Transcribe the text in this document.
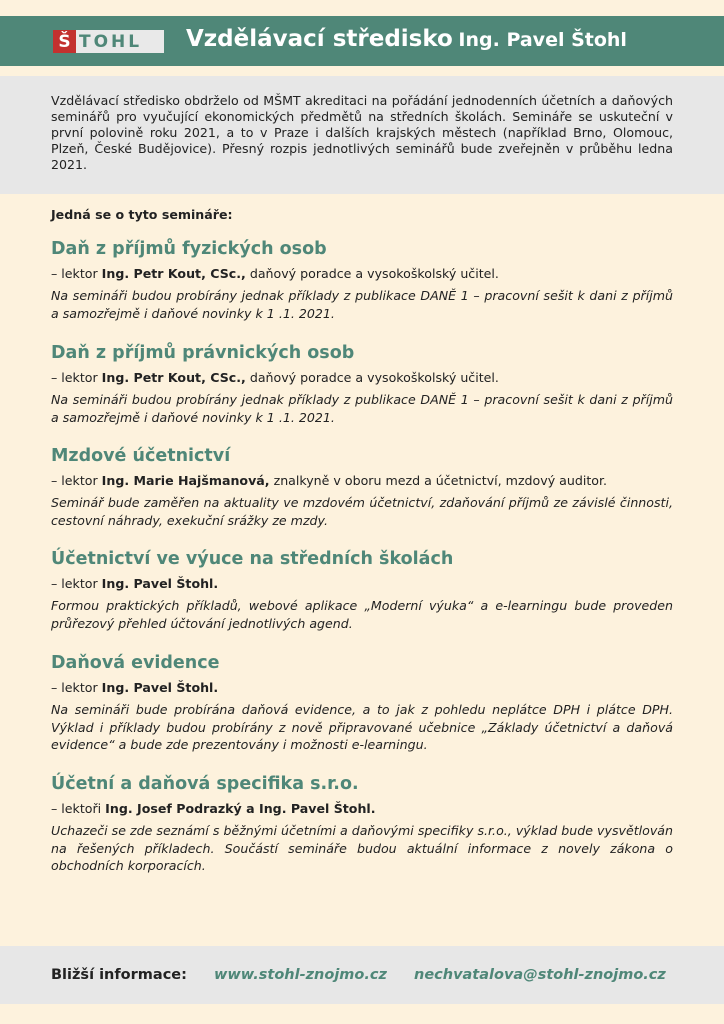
Š TOHL	Vzdělávací středisko Ing. Pavel Štohl

Vzdělávací středisko obdrželo od MŠMT akreditaci na pořádání jednodenních účetních a daňových seminářů pro vyučující ekonomických předmětů na středních školách. Semináře se uskuteční v první polovině roku 2021, a to v Praze i dalších krajských městech (například Brno, Olomouc, Plzeň, České Budějovice). Přesný rozpis jednotlivých seminářů bude zveřejněn v průběhu ledna 2021.

Jedná se o tyto semináře:
Daň z příjmů fyzických osob

– lektor Ing. Petr Kout, CSc., daňový poradce a vysokoškolský učitel.

Na semináři budou probírány jednak příklady z publikace DANĚ 1 – pracovní sešit k dani z příjmů a samozřejmě i daňové novinky k 1 .1. 2021.

Daň z příjmů právnických osob

– lektor Ing. Petr Kout, CSc., daňový poradce a vysokoškolský učitel.

Na semináři budou probírány jednak příklady z publikace DANĚ 1 – pracovní sešit k dani z příjmů a samozřejmě i daňové novinky k 1 .1. 2021.

Mzdové účetnictví

– lektor Ing. Marie Hajšmanová, znalkyně v oboru mezd a účetnictví, mzdový auditor.

Seminář bude zaměřen na aktuality ve mzdovém účetnictví, zdaňování příjmů ze závislé činnosti, cestovní náhrady, exekuční srážky ze mzdy.

Účetnictví ve výuce na středních školách

– lektor Ing. Pavel Štohl.

Formou praktických příkladů, webové aplikace „Moderní výuka“ a e-learningu bude proveden průřezový přehled účtování jednotlivých agend.

Daňová evidence

– lektor Ing. Pavel Štohl.

Na semináři bude probírána daňová evidence, a to jak z pohledu neplátce DPH i plátce DPH. Výklad i příklady budou probírány z nově připravované učebnice „Základy účetnictví a daňová evidence“ a bude zde prezentovány i možnosti e-learningu.

Účetní a daňová specifika s.r.o.

– lektoři Ing. Josef Podrazký a Ing. Pavel Štohl.

Uchazeči se zde seznámí s běžnými účetními a daňovými specifiky s.r.o., výklad bude vysvětlován na řešených příkladech. Součástí semináře budou aktuální informace z novely zákona o obchodních korporacích.

Bližší informace: www.stohl-znojmo.cz nechvatalova@stohl-znojmo.cz
